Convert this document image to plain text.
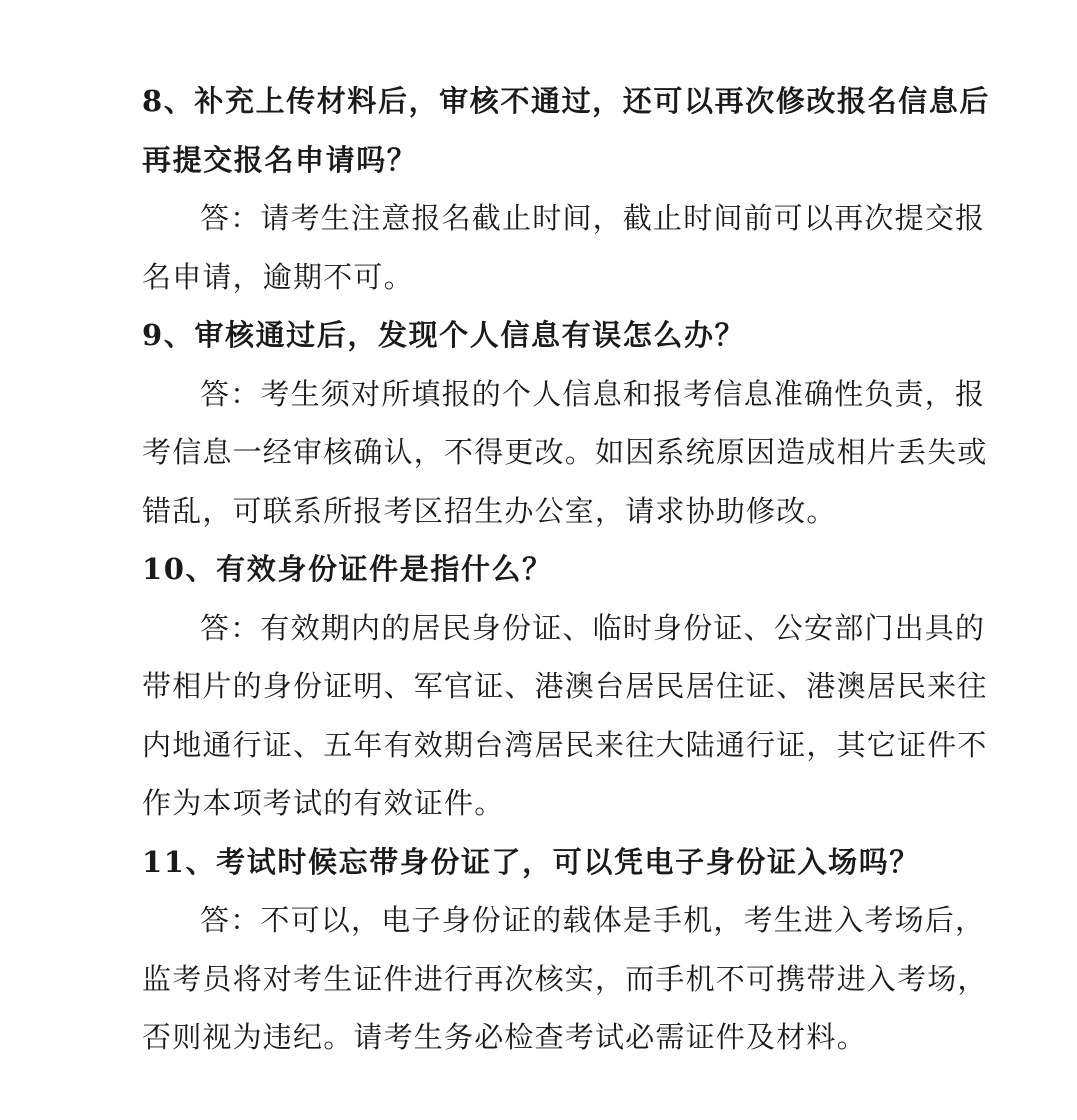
8、补充上传材料后，审核不通过，还可以再次修改报名信息后
再提交报名申请吗？
答：请考生注意报名截止时间，截止时间前可以再次提交报
名申请，逾期不可。
9、审核通过后，发现个人信息有误怎么办？
答：考生须对所填报的个人信息和报考信息准确性负责，报
考信息一经审核确认，不得更改。如因系统原因造成相片丢失或
错乱，可联系所报考区招生办公室，请求协助修改。
10、有效身份证件是指什么？
答：有效期内的居民身份证、临时身份证、公安部门出具的
带相片的身份证明、军官证、港澳台居民居住证、港澳居民来往
内地通行证、五年有效期台湾居民来往大陆通行证，其它证件不
作为本项考试的有效证件。
11、考试时候忘带身份证了，可以凭电子身份证入场吗？
答：不可以，电子身份证的载体是手机，考生进入考场后，
监考员将对考生证件进行再次核实，而手机不可携带进入考场，
否则视为违纪。请考生务必检查考试必需证件及材料。
